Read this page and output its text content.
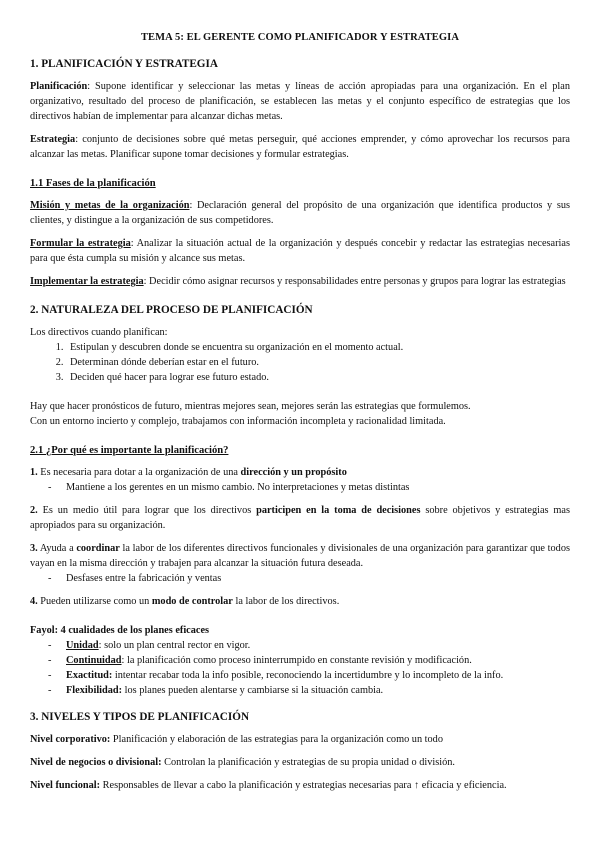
TEMA 5: EL GERENTE COMO PLANIFICADOR Y ESTRATEGIA
1. PLANIFICACIÓN Y ESTRATEGIA

Planificación: Supone identificar y seleccionar las metas y líneas de acción apropiadas para una organización. En el plan organizativo, resultado del proceso de planificación, se establecen las metas y el conjunto específico de estrategias que los directivos habían de implementar para alcanzar dichas metas.

Estrategia: conjunto de decisiones sobre qué metas perseguir, qué acciones emprender, y cómo aprovechar los recursos para alcanzar las metas. Planificar supone tomar decisiones y formular estrategias.

1.1 Fases de la planificación

Misión y metas de la organización: Declaración general del propósito de una organización que identifica productos y sus clientes, y distingue a la organización de sus competidores.

Formular la estrategia: Analizar la situación actual de la organización y después concebir y redactar las estrategias necesarias para que ésta cumpla su misión y alcance sus metas.

Implementar la estrategia: Decidir cómo asignar recursos y responsabilidades entre personas y grupos para lograr las estrategias

2. NATURALEZA DEL PROCESO DE PLANIFICACIÓN

Los directivos cuando planifican:

1. Estipulan y descubren donde se encuentra su organización en el momento actual.
2. Determinan dónde deberían estar en el futuro.
3. Deciden qué hacer para lograr ese futuro estado.

Hay que hacer pronósticos de futuro, mientras mejores sean, mejores serán las estrategias que formulemos.

Con un entorno incierto y complejo, trabajamos con información incompleta y racionalidad limitada.

2.1 ¿Por qué es importante la planificación?

1. Es necesaria para dotar a la organización de una dirección y un propósito

- Mantiene a los gerentes en un mismo cambio. No interpretaciones y metas distintas

2. Es un medio útil para lograr que los directivos participen en la toma de decisiones sobre objetivos y estrategias mas apropiados para su organización.

3. Ayuda a coordinar la labor de los diferentes directivos funcionales y divisionales de una organización para garantizar que todos vayan en la misma dirección y trabajen para alcanzar la situación futura deseada.

- Desfases entre la fabricación y ventas

4. Pueden utilizarse como un modo de controlar la labor de los directivos.

Fayol: 4 cualidades de los planes eficaces
- Unidad: solo un plan central rector en vigor.
- Continuidad: la planificación como proceso ininterrumpido en constante revisión y modificación.
- Exactitud: intentar recabar toda la info posible, reconociendo la incertidumbre y lo incompleto de la info.
- Flexibilidad: los planes pueden alentarse y cambiarse si la situación cambia.
3. NIVELES Y TIPOS DE PLANIFICACIÓN

Nivel corporativo: Planificación y elaboración de las estrategias para la organización como un todo

Nivel de negocios o divisional: Controlan la planificación y estrategias de su propia unidad o división.

Nivel funcional: Responsables de llevar a cabo la planificación y estrategias necesarias para ↑ eficacia y eficiencia.
